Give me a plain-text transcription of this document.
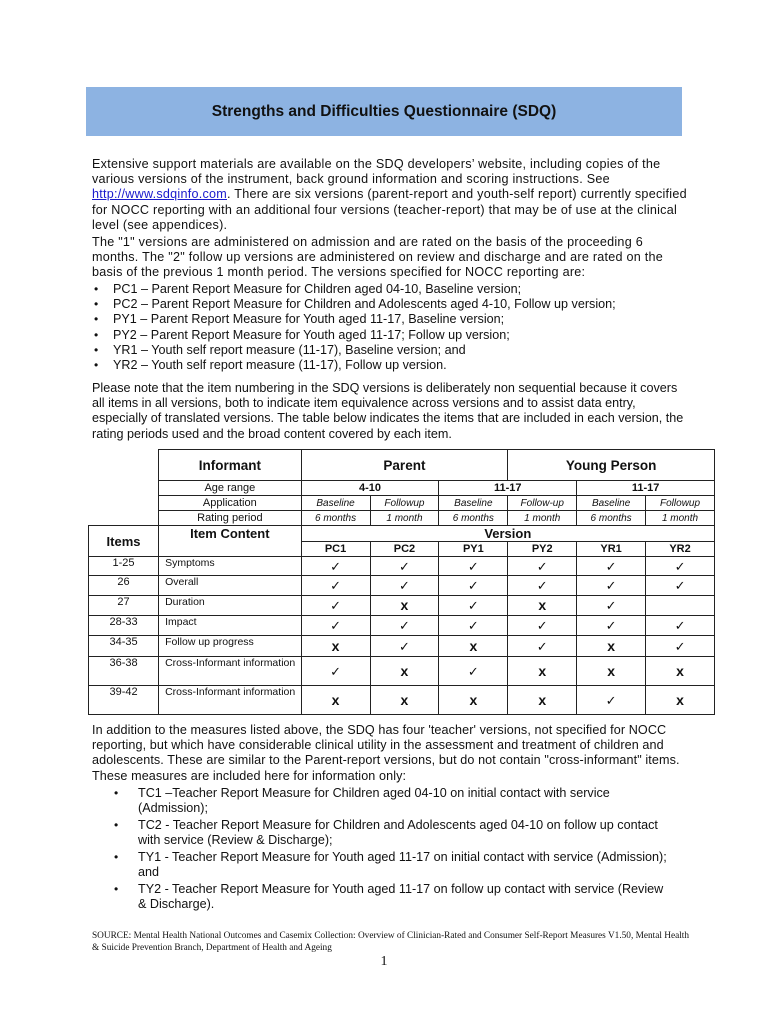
Strengths and Difficulties Questionnaire (SDQ)

Extensive support materials are available on the SDQ developers’ website, including copies of the various versions of the instrument, back ground information and scoring instructions. See http://www.sdqinfo.com. There are six versions (parent-report and youth-self report) currently specified for NOCC reporting with an additional four versions (teacher-report) that may be of use at the clinical level (see appendices).

The "1" versions are administered on admission and are rated on the basis of the proceeding 6 months. The "2" follow up versions are administered on review and discharge and are rated on the basis of the previous 1 month period. The versions specified for NOCC reporting are:

• PC1 – Parent Report Measure for Children aged 04-10, Baseline version;
• PC2 – Parent Report Measure for Children and Adolescents aged 4-10, Follow up version;
• PY1 – Parent Report Measure for Youth aged 11-17, Baseline version;
• PY2 – Parent Report Measure for Youth aged 11-17; Follow up version;
• YR1 – Youth self report measure (11-17), Baseline version; and
• YR2 – Youth self report measure (11-17), Follow up version.

Please note that the item numbering in the SDQ versions is deliberately non sequential because it covers all items in all versions, both to indicate item equivalence across versions and to assist data entry, especially of translated versions. The table below indicates the items that are included in each version, the rating periods used and the broad content covered by each item.

	Informant	Parent			Young Person		
	Age range	4-10		11-17		11-17	
	Application	Baseline	Followup	Baseline	Follow-up	Baseline	Followup
	Rating period	6 months	1 month	6 months	1 month	6 months	1 month
Items	Item Content	Version					
		PC1	PC2	PY1	PY2	YR1	YR2
1-25	Symptoms	✓	✓	✓	✓	✓	✓
26	Overall	✓	✓	✓	✓	✓	✓
27	Duration	✓	x	✓	x	✓	
28-33	Impact	✓	✓	✓	✓	✓	✓
34-35	Follow up progress	x	✓	x	✓	x	✓
36-38	Cross-Informant information	✓	x	✓	x	x	x
39-42	Cross-Informant information	x	x	x	x	✓	x

In addition to the measures listed above, the SDQ has four 'teacher' versions, not specified for NOCC reporting, but which have considerable clinical utility in the assessment and treatment of children and adolescents. These are similar to the Parent-report versions, but do not contain "cross-informant" items. These measures are included here for information only:

• TC1 –Teacher Report Measure for Children aged 04-10 on initial contact with service (Admission);
• TC2 - Teacher Report Measure for Children and Adolescents aged 04-10 on follow up contact with service (Review & Discharge);
• TY1 - Teacher Report Measure for Youth aged 11-17 on initial contact with service (Admission); and
• TY2 - Teacher Report Measure for Youth aged 11-17 on follow up contact with service (Review & Discharge).
SOURCE: Mental Health National Outcomes and Casemix Collection: Overview of Clinician-Rated and Consumer Self-Report Measures V1.50, Mental Health & Suicide Prevention Branch, Department of Health and Ageing
1
